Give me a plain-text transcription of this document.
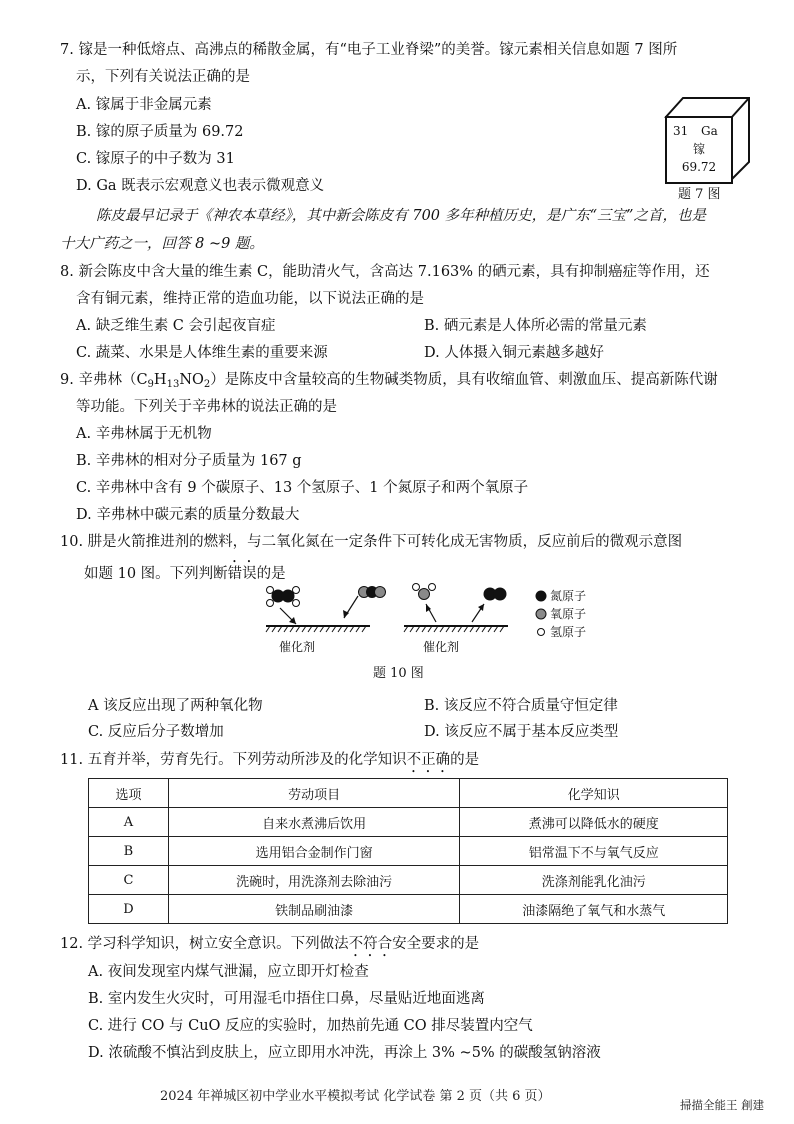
7. 镓是一种低熔点、高沸点的稀散金属，有“电子工业脊梁”的美誉。镓元素相关信息如题 7 图所
示，下列有关说法正确的是
A. 镓属于非金属元素
B. 镓的原子质量为 69.72
C. 镓原子的中子数为 31
D. Ga 既表示宏观意义也表示微观意义
31 Ga
镓
69.72
题 7 图
陈皮最早记录于《神农本草经》，其中新会陈皮有 700 多年种植历史，是广东“三宝”之首，也是
十大广药之一，回答 8 ~9 题。
8. 新会陈皮中含大量的维生素 C，能助清火气，含高达 7.163% 的硒元素，具有抑制癌症等作用，还
含有铜元素，维持正常的造血功能，以下说法正确的是
A. 缺乏维生素 C 会引起夜盲症	B. 硒元素是人体所必需的常量元素
C. 蔬菜、水果是人体维生素的重要来源	D. 人体摄入铜元素越多越好
9. 辛弗林$(C_9H_{13}NO_2)$是陈皮中含量较高的生物碱类物质，具有收缩血管、刺激血压、提高新陈代谢
等功能。下列关于辛弗林的说法正确的是
A. 辛弗林属于无机物
B. 辛弗林的相对分子质量为 167 g
C. 辛弗林中含有 9 个碳原子、13 个氢原子、1 个氮原子和两个氧原子
D. 辛弗林中碳元素的质量分数最大
10. 肼是火箭推进剂的燃料，与二氧化氮在一定条件下可转化成无害物质，反应前后的微观示意图
如题 10 图。下列判断错误的是
氮原子
氧原子
氢原子
催化剂	催化剂
题 10 图
A 该反应出现了两种氧化物	B. 该反应不符合质量守恒定律
C. 反应后分子数增加	D. 该反应不属于基本反应类型
11. 五育并举，劳育先行。下列劳动所涉及的化学知识不正确的是
选项	劳动项目	化学知识
A	自来水煮沸后饮用	煮沸可以降低水的硬度
B	选用铝合金制作门窗	铝常温下不与氧气反应
C	洗碗时，用洗涤剂去除油污	洗涤剂能乳化油污
D	铁制品刷油漆	油漆隔绝了氧气和水蒸气
12. 学习科学知识，树立安全意识。下列做法不符合安全要求的是
A. 夜间发现室内煤气泄漏，应立即开灯检查
B. 室内发生火灾时，可用湿毛巾捂住口鼻，尽量贴近地面逃离
C. 进行 CO 与 CuO 反应的实验时，加热前先通 CO 排尽装置内空气
D. 浓硫酸不慎沾到皮肤上，应立即用水冲洗，再涂上 3% ~5% 的碳酸氢钠溶液
2024 年禅城区初中学业水平模拟考试 化学试卷 第 2 页（共 6 页）
掃描全能王 創建
